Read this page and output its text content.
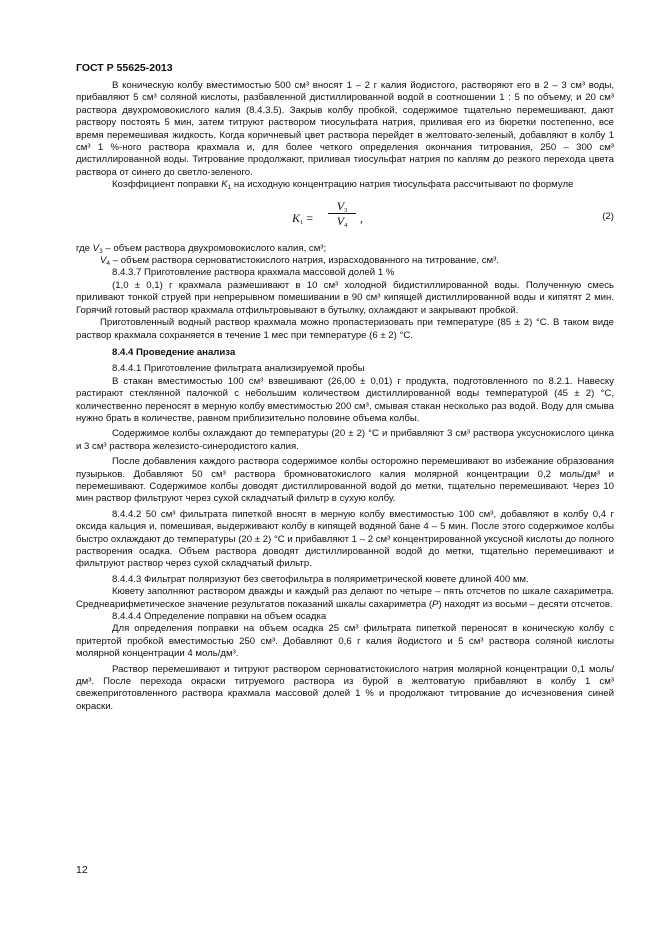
ГОСТ Р 55625-2013

В коническую колбу вместимостью 500 см³ вносят 1 – 2 г калия йодистого, растворяют его в 2 – 3 см³ воды, прибавляют 5 см³ соляной кислоты, разбавленной дистиллированной водой в соотношении 1 : 5 по объему, и 20 см³ раствора двухромовокислого калия (8.4.3.5). Закрыв колбу пробкой, содержимое тщательно перемешивают, дают раствору постоять 5 мин, затем титруют раствором тиосульфата натрия, приливая его из бюретки постепенно, все время перемешивая жидкость. Когда коричневый цвет раствора перейдет в желтовато-зеленый, добавляют в колбу 1 см³ 1 %-ного раствора крахмала и, для более четкого определения окончания титрования, 250 – 300 см³ дистиллированной воды. Титрование продолжают, приливая тиосульфат натрия по каплям до резкого перехода цвета раствора от синего до светло-зеленого.

Коэффициент поправки $K_1$ на исходную концентрацию натрия тиосульфата рассчитывают по формуле

$K_1 = \frac{V_3}{V_4}$ ,	(2)

где $V_3$ – объем раствора двухромовокислого калия, см³;

$V_4$ – объем раствора серноватистокислого натрия, израсходованного на титрование, см³.

8.4.3.7 Приготовление раствора крахмала массовой долей 1 %

(1,0 ± 0,1) г крахмала размешивают в 10 см³ холодной бидистиллированной воды. Полученную смесь приливают тонкой струей при непрерывном помешивании в 90 см³ кипящей дистиллированной воды и кипятят 2 мин. Горячий готовый раствор крахмала отфильтровывают в бутылку, охлаждают и закрывают пробкой.

Приготовленный водный раствор крахмала можно пропастеризовать при температуре (85 ± 2) °С. В таком виде раствор крахмала сохраняется в течение 1 мес при температуре (6 ± 2) °С.

8.4.4 Проведение анализа

8.4.4.1 Приготовление фильтрата анализируемой пробы

В стакан вместимостью 100 см³ взвешивают (26,00 ± 0,01) г продукта, подготовленного по 8.2.1. Навеску растирают стеклянной палочкой с небольшим количеством дистиллированной воды температурой (45 ± 2) °С, количественно переносят в мерную колбу вместимостью 200 см³, смывая стакан несколько раз водой. Воду для смыва нужно брать в количестве, равном приблизительно половине объема колбы.

Содержимое колбы охлаждают до температуры (20 ± 2) °С и прибавляют 3 см³ раствора уксуснокислого цинка и 3 см³ раствора железисто-синеродистого калия.

После добавления каждого раствора содержимое колбы осторожно перемешивают во избежание образования пузырьков. Добавляют 50 см³ раствора бромноватокислого калия молярной концентрации 0,2 моль/дм³ и перемешивают. Содержимое колбы доводят дистиллированной водой до метки, тщательно перемешивают. Через 10 мин раствор фильтруют через сухой складчатый фильтр в сухую колбу.

8.4.4.2 50 см³ фильтрата пипеткой вносят в мерную колбу вместимостью 100 см³, добавляют в колбу 0,4 г оксида кальция и, помешивая, выдерживают колбу в кипящей водяной бане 4 – 5 мин. После этого содержимое колбы быстро охлаждают до температуры (20 ± 2) °С и прибавляют 1 – 2 см³ концентрированной уксусной кислоты до полного растворения осадка. Объем раствора доводят дистиллированной водой до метки, тщательно перемешивают и фильтруют раствор через сухой складчатый фильтр.

8.4.4.3 Фильтрат поляризуют без светофильтра в поляриметрической кювете длиной 400 мм.

Кювету заполняют раствором дважды и каждый раз делают по четыре – пять отсчетов по шкале сахариметра. Среднеарифметическое значение результатов показаний шкалы сахариметра (P) находят из восьми – десяти отсчетов.

8.4.4.4 Определение поправки на объем осадка

Для определения поправки на объем осадка 25 см³ фильтрата пипеткой переносят в коническую колбу с притертой пробкой вместимостью 250 см³. Добавляют 0,6 г калия йодистого и 5 см³ раствора соляной кислоты молярной концентрации 4 моль/дм³.

Раствор перемешивают и титруют раствором серноватистокислого натрия молярной концентрации 0,1 моль/дм³. После перехода окраски титруемого раствора из бурой в желтоватую прибавляют в колбу 1 см³ свежеприготовленного раствора крахмала массовой долей 1 % и продолжают титрование до исчезновения синей окраски.

12
